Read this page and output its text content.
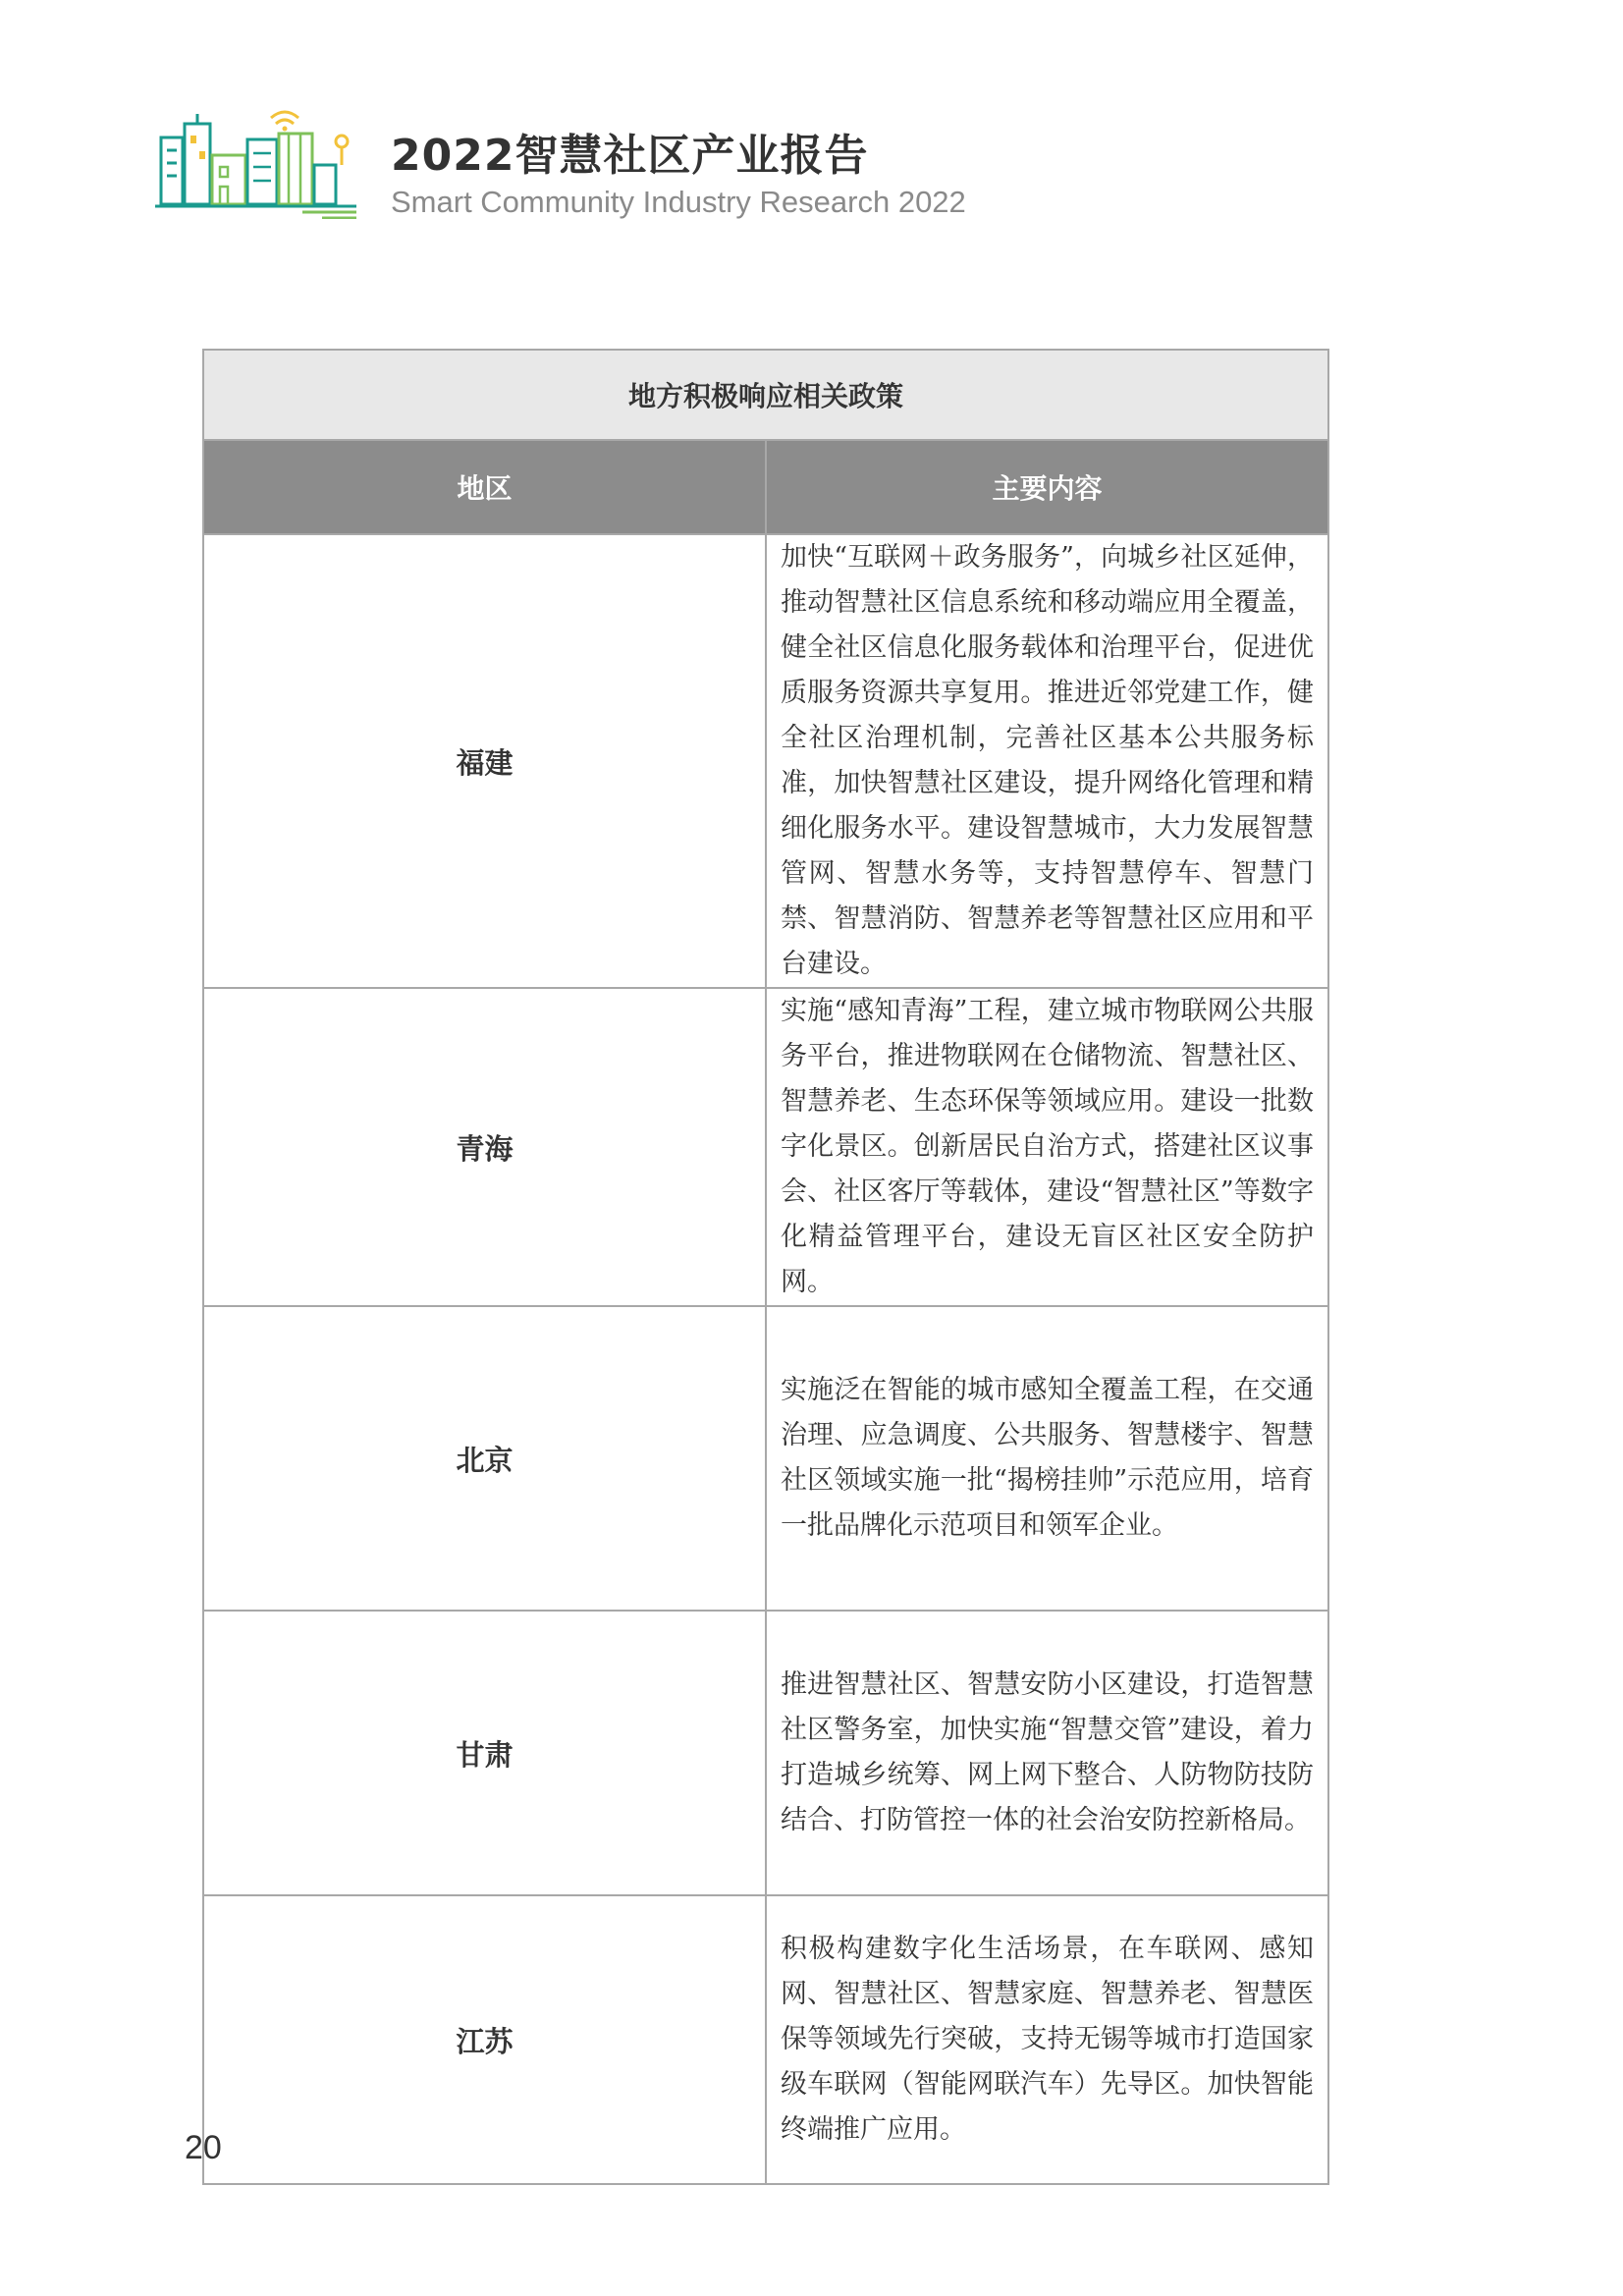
2022智慧社区产业报告
Smart Community Industry Research 2022
地方积极响应相关政策	
地区	主要内容
福建	加快“互联网＋政务服务”，向城乡社区延伸，推动智慧社区信息系统和移动端应用全覆盖，健全社区信息化服务载体和治理平台，促进优质服务资源共享复用。推进近邻党建工作，健全社区治理机制，完善社区基本公共服务标准，加快智慧社区建设，提升网络化管理和精细化服务水平。建设智慧城市，大力发展智慧管网、智慧水务等，支持智慧停车、智慧门禁、智慧消防、智慧养老等智慧社区应用和平台建设。
青海	实施“感知青海”工程，建立城市物联网公共服务平台，推进物联网在仓储物流、智慧社区、智慧养老、生态环保等领域应用。建设一批数字化景区。创新居民自治方式，搭建社区议事会、社区客厅等载体，建设“智慧社区”等数字化精益管理平台，建设无盲区社区安全防护网。
北京	实施泛在智能的城市感知全覆盖工程，在交通治理、应急调度、公共服务、智慧楼宇、智慧社区领域实施一批“揭榜挂帅”示范应用，培育一批品牌化示范项目和领军企业。
甘肃	推进智慧社区、智慧安防小区建设，打造智慧社区警务室，加快实施“智慧交管”建设，着力打造城乡统筹、网上网下整合、人防物防技防结合、打防管控一体的社会治安防控新格局。
江苏	积极构建数字化生活场景，在车联网、感知网、智慧社区、智慧家庭、智慧养老、智慧医保等领域先行突破，支持无锡等城市打造国家级车联网（智能网联汽车）先导区。加快智能终端推广应用。
20
